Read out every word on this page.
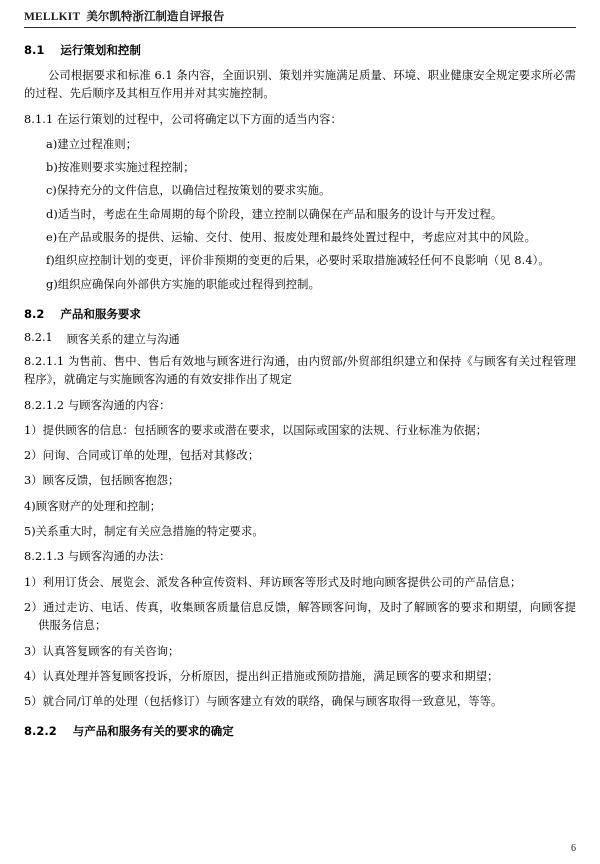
MELLKIT 美尔凯特浙江制造自评报告
8.1 运行策划和控制

公司根据要求和标准 6.1 条内容，全面识别、策划并实施满足质量、环境、职业健康安全规定要求所必需的过程、先后顺序及其相互作用并对其实施控制。

8.1.1 在运行策划的过程中，公司将确定以下方面的适当内容：

a)建立过程准则；

b)按准则要求实施过程控制；

c)保持充分的文件信息，以确信过程按策划的要求实施。

d)适当时，考虑在生命周期的每个阶段，建立控制以确保在产品和服务的设计与开发过程。

e)在产品或服务的提供、运输、交付、使用、报废处理和最终处置过程中，考虑应对其中的风险。

f)组织应控制计划的变更，评价非预期的变更的后果，必要时采取措施减轻任何不良影响（见 8.4）。

g)组织应确保向外部供方实施的职能或过程得到控制。

8.2 产品和服务要求
8.2.1 顾客关系的建立与沟通

8.2.1.1 为售前、售中、售后有效地与顾客进行沟通，由内贸部/外贸部组织建立和保持《与顾客有关过程管理程序》，就确定与实施顾客沟通的有效安排作出了规定

8.2.1.2 与顾客沟通的内容：

1）提供顾客的信息：包括顾客的要求或潜在要求，以国际或国家的法规、行业标准为依据；

2）问询、合同或订单的处理，包括对其修改；

3）顾客反馈，包括顾客抱怨；

4)顾客财产的处理和控制；

5)关系重大时，制定有关应急措施的特定要求。

8.2.1.3 与顾客沟通的办法：

1）利用订货会、展览会、派发各种宣传资料、拜访顾客等形式及时地向顾客提供公司的产品信息；

2）通过走访、电话、传真，收集顾客质量信息反馈，解答顾客问询，及时了解顾客的要求和期望，向顾客提供服务信息；

3）认真答复顾客的有关咨询；

4）认真处理并答复顾客投诉，分析原因，提出纠正措施或预防措施，满足顾客的要求和期望；

5）就合同/订单的处理（包括修订）与顾客建立有效的联络，确保与顾客取得一致意见，等等。

8.2.2 与产品和服务有关的要求的确定
6
